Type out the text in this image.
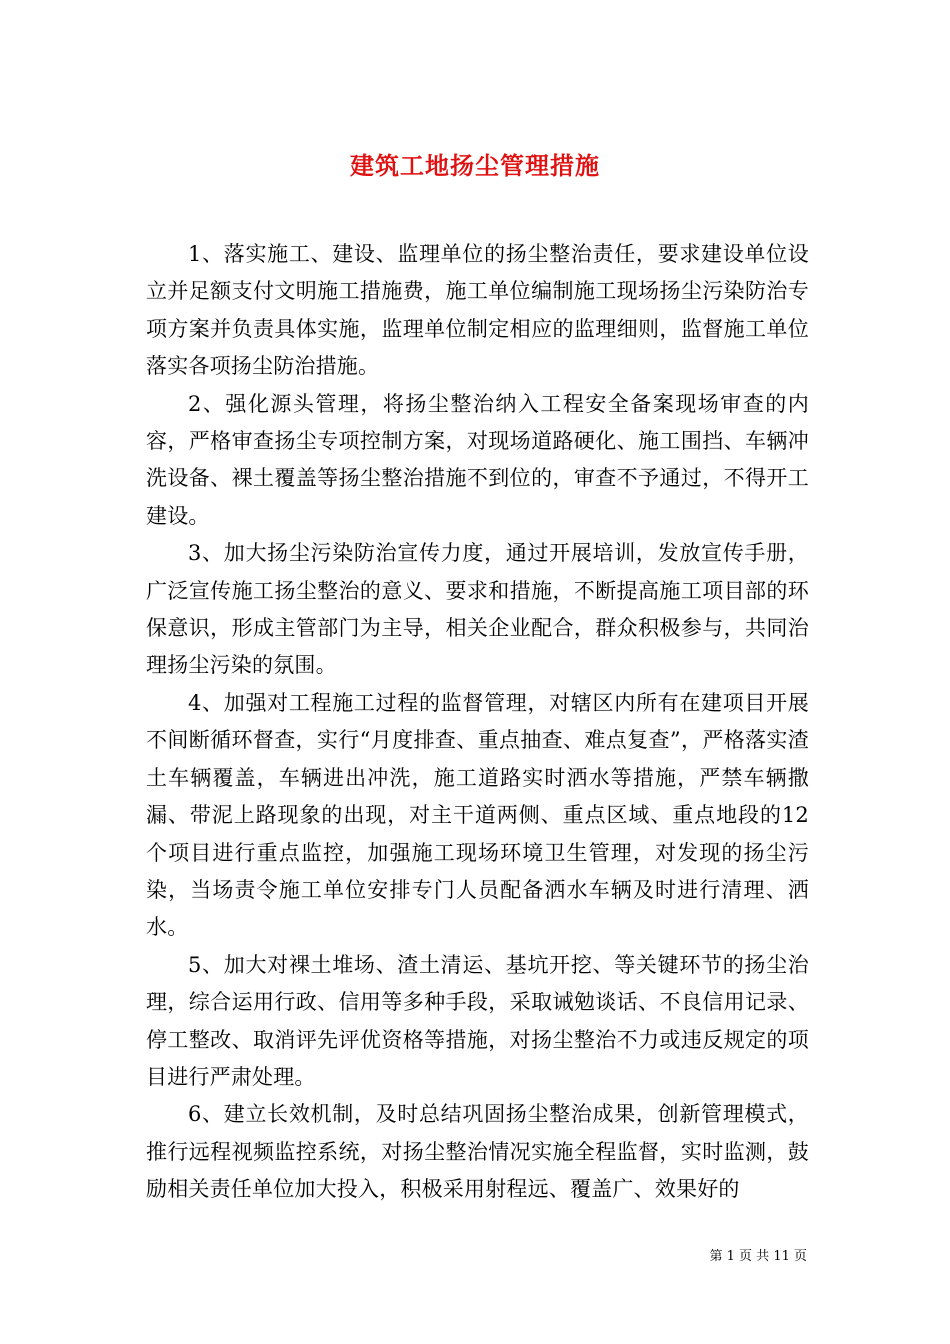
建筑工地扬尘管理措施

1、落实施工、建设、监理单位的扬尘整治责任，要求建设单位设立并足额支付文明施工措施费，施工单位编制施工现场扬尘污染防治专项方案并负责具体实施，监理单位制定相应的监理细则，监督施工单位落实各项扬尘防治措施。

2、强化源头管理，将扬尘整治纳入工程安全备案现场审查的内容，严格审查扬尘专项控制方案，对现场道路硬化、施工围挡、车辆冲洗设备、裸土覆盖等扬尘整治措施不到位的，审查不予通过，不得开工建设。

3、加大扬尘污染防治宣传力度，通过开展培训，发放宣传手册，广泛宣传施工扬尘整治的意义、要求和措施，不断提高施工项目部的环保意识，形成主管部门为主导，相关企业配合，群众积极参与，共同治理扬尘污染的氛围。

4、加强对工程施工过程的监督管理，对辖区内所有在建项目开展不间断循环督查，实行“月度排查、重点抽查、难点复查”，严格落实渣土车辆覆盖，车辆进出冲洗，施工道路实时洒水等措施，严禁车辆撒漏、带泥上路现象的出现，对主干道两侧、重点区域、重点地段的12个项目进行重点监控，加强施工现场环境卫生管理，对发现的扬尘污染，当场责令施工单位安排专门人员配备洒水车辆及时进行清理、洒水。

5、加大对裸土堆场、渣土清运、基坑开挖、等关键环节的扬尘治理，综合运用行政、信用等多种手段，采取诫勉谈话、不良信用记录、停工整改、取消评先评优资格等措施，对扬尘整治不力或违反规定的项目进行严肃处理。

6、建立长效机制，及时总结巩固扬尘整治成果，创新管理模式，推行远程视频监控系统，对扬尘整治情况实施全程监督，实时监测，鼓励相关责任单位加大投入，积极采用射程远、覆盖广、效果好的

第 1 页 共 11 页
